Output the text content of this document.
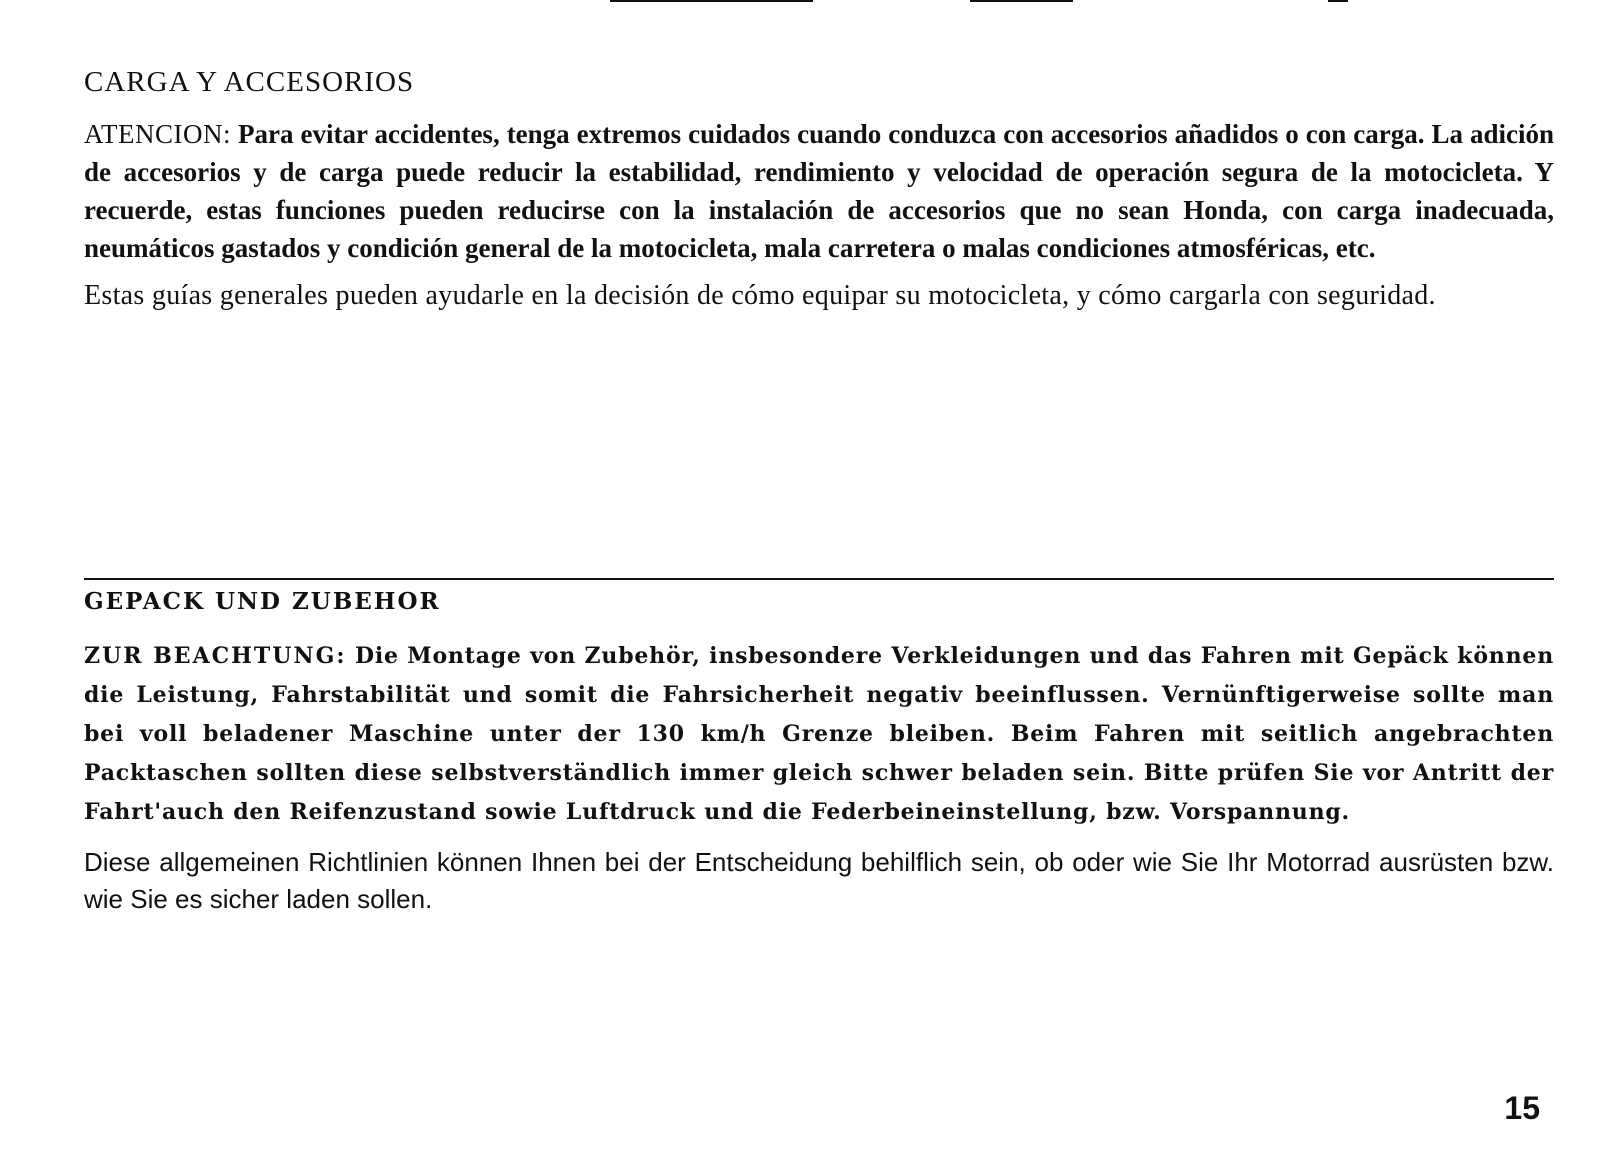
CARGA Y ACCESORIOS

ATENCION: Para evitar accidentes, tenga extremos cuidados cuando conduzca con accesorios añadidos o con carga. La adición de accesorios y de carga puede reducir la estabilidad, rendimiento y velocidad de operación segura de la motocicleta. Y recuerde, estas funciones pueden reducirse con la instalación de accesorios que no sean Honda, con carga inadecuada, neumáticos gastados y condición general de la motocicleta, mala carretera o malas condiciones atmosféricas, etc.

Estas guías generales pueden ayudarle en la decisión de cómo equipar su motocicleta, y cómo cargarla con seguridad.

GEPACK UND ZUBEHOR

ZUR BEACHTUNG: Die Montage von Zubehör, insbesondere Verkleidungen und das Fahren mit Gepäck können die Leistung, Fahrstabilität und somit die Fahrsicherheit negativ beeinflussen. Vernünftigerweise sollte man bei voll beladener Maschine unter der 130 km/h Grenze bleiben. Beim Fahren mit seitlich angebrachten Packtaschen sollten diese selbstverständlich immer gleich schwer beladen sein. Bitte prüfen Sie vor Antritt der Fahrt'auch den Reifenzustand sowie Luftdruck und die Federbeineinstellung, bzw. Vorspannung.

Diese allgemeinen Richtlinien können Ihnen bei der Entscheidung behilflich sein, ob oder wie Sie Ihr Motorrad ausrüsten bzw. wie Sie es sicher laden sollen.

15
